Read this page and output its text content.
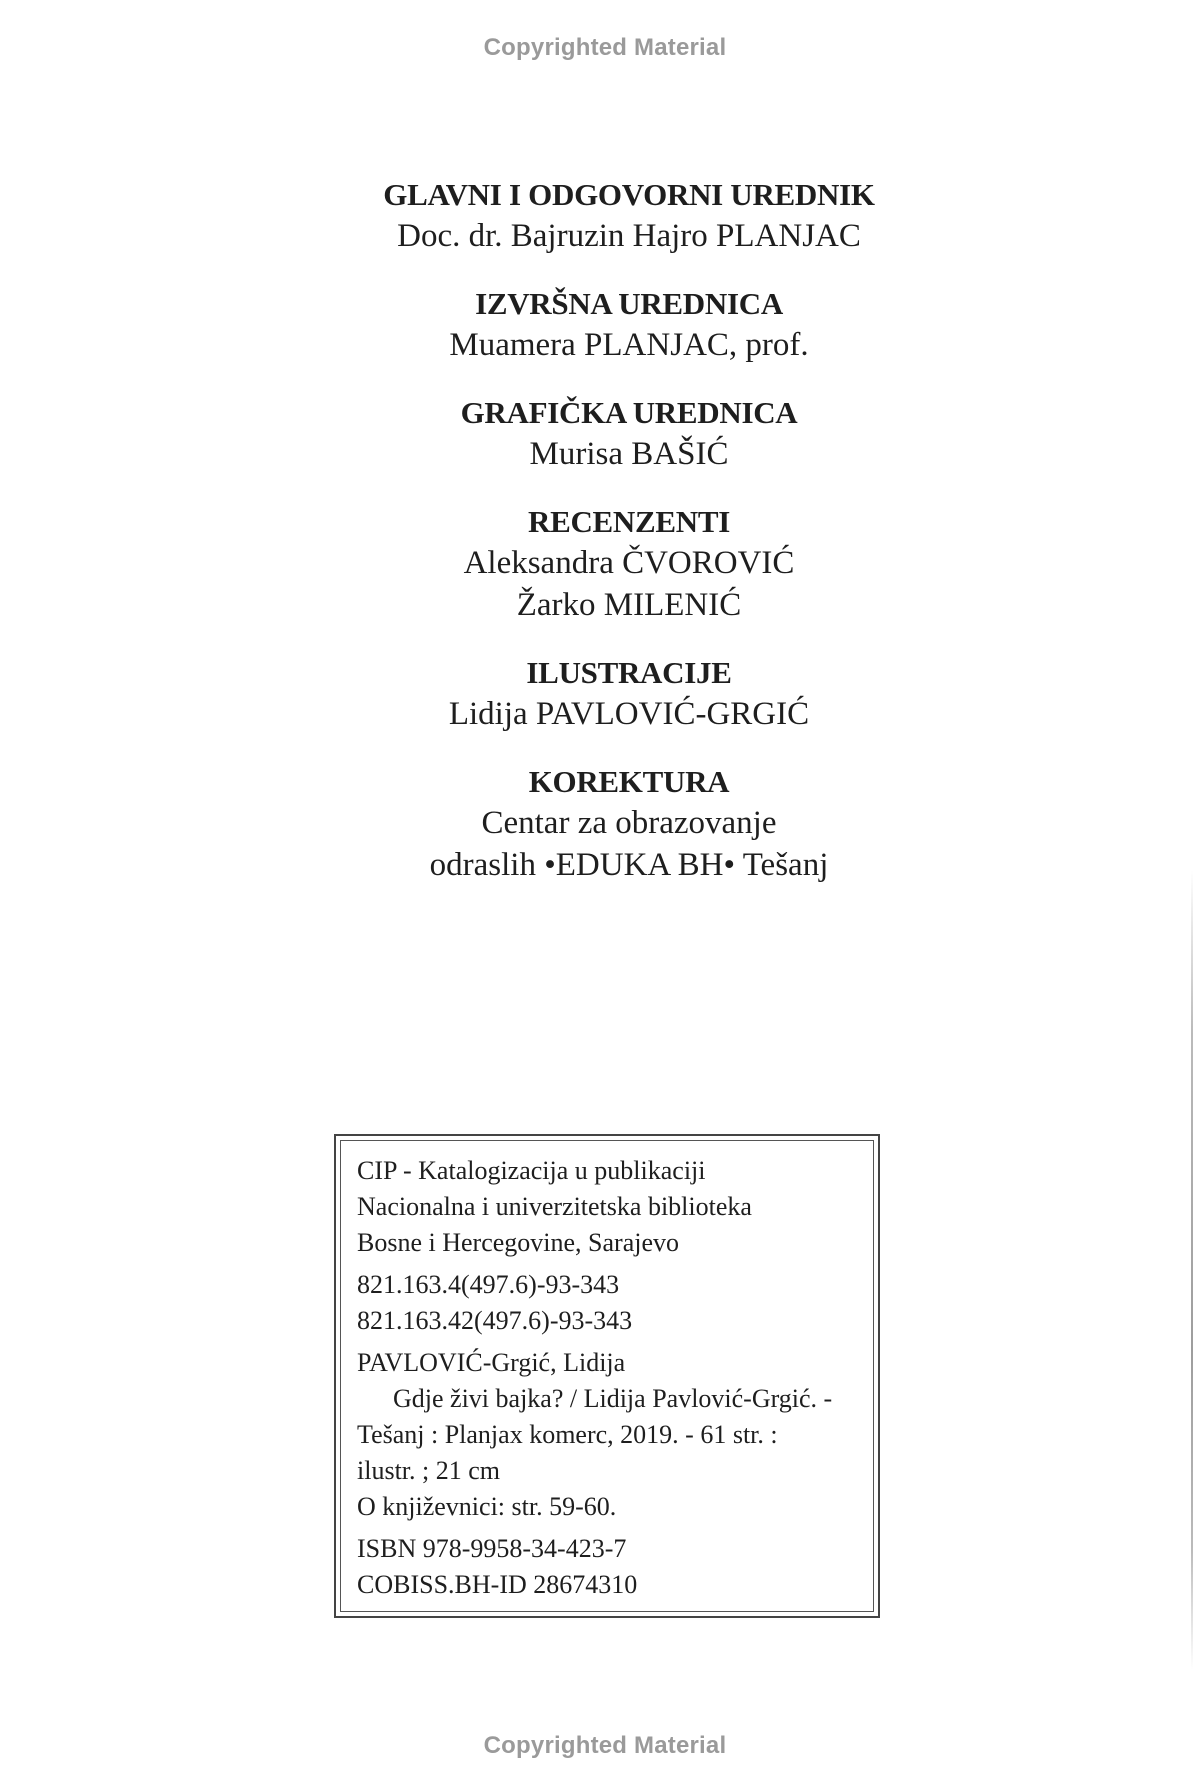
Copyrighted Material
GLAVNI I ODGOVORNI UREDNIK
Doc. dr. Bajruzin Hajro PLANJAC
IZVRŠNA UREDNICA
Muamera PLANJAC, prof.
GRAFIČKA UREDNICA
Murisa BAŠIĆ
RECENZENTI
Aleksandra ČVOROVIĆ
Žarko MILENIĆ
ILUSTRACIJE
Lidija PAVLOVIĆ-GRGIĆ
KOREKTURA
Centar za obrazovanje
odraslih •EDUKA BH• Tešanj
CIP - Katalogizacija u publikaciji
Nacionalna i univerzitetska biblioteka
Bosne i Hercegovine, Sarajevo
821.163.4(497.6)-93-343
821.163.42(497.6)-93-343
PAVLOVIĆ-Grgić, Lidija
Gdje živi bajka? / Lidija Pavlović-Grgić. -
Tešanj : Planjax komerc, 2019. - 61 str. :
ilustr. ; 21 cm
O književnici: str. 59-60.
ISBN 978-9958-34-423-7
COBISS.BH-ID 28674310
Copyrighted Material
